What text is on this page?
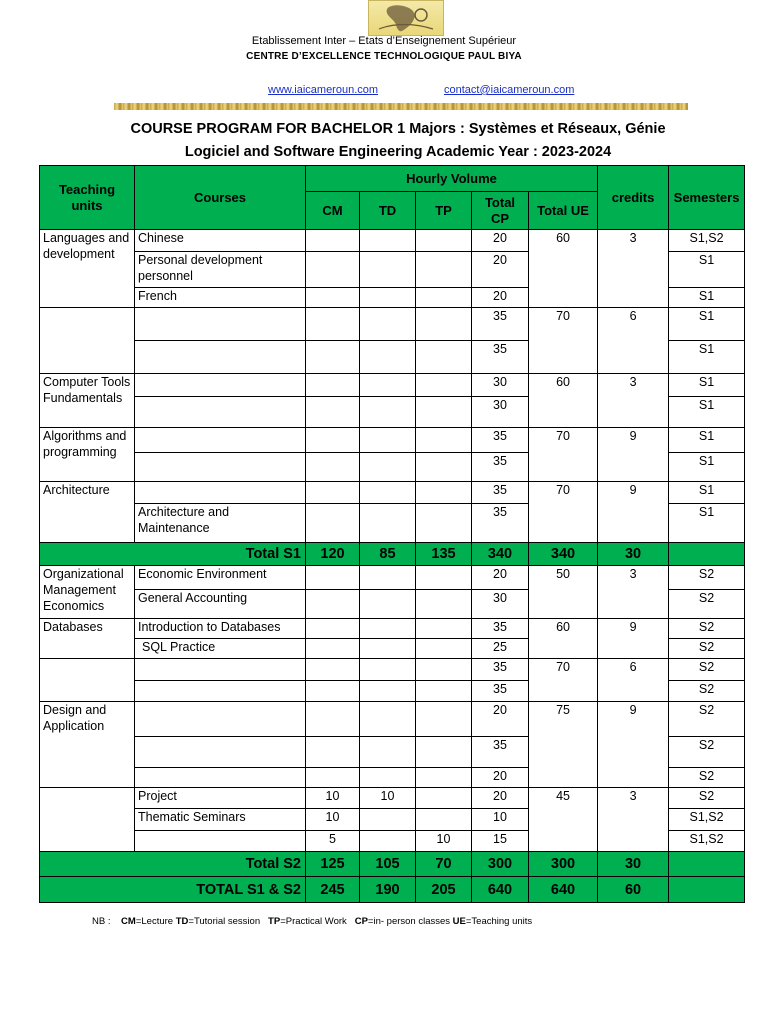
Etablissement Inter – Etats d’Enseignement Supérieur
CENTRE D’EXCELLENCE TECHNOLOGIQUE PAUL BIYA
www.iaicameroun.com	contact@iaicameroun.com
COURSE PROGRAM FOR BACHELOR 1 Majors : Systèmes et Réseaux, Génie
Logiciel and Software Engineering Academic Year : 2023-2024
Teaching units	Courses	Hourly Volume					credits	Semesters
		CM	TD	TP	Total CP	Total UE		
Languages and development	Chinese				20	60	3	S1,S2
	Personal development personnel				20			S1
	French				20			S1
					35	70	6	S1
					35			S1
Computer Tools Fundamentals					30	60	3	S1
					30			S1
Algorithms and programming					35	70	9	S1
					35			S1
Architecture					35	70	9	S1
	Architecture and Maintenance				35			S1
Total S1		120	85	135	340	340	30	
Organizational Management Economics	Economic Environment				20	50	3	S2
	General Accounting				30			S2
Databases	Introduction to Databases				35	60	9	S2
	SQL Practice				25			S2
					35	70	6	S2
					35			S2
Design and Application					20	75	9	S2
					35			S2
					20			S2
	Project	10	10		20	45	3	S2
	Thematic Seminars	10			10			S1,S2
		5		10	15			S1,S2
Total S2		125	105	70	300	300	30	
TOTAL S1 & S2		245	190	205	640	640	60	
NB : CM=Lecture TD=Tutorial session TP=Practical Work CP=in- person classes UE=Teaching units
